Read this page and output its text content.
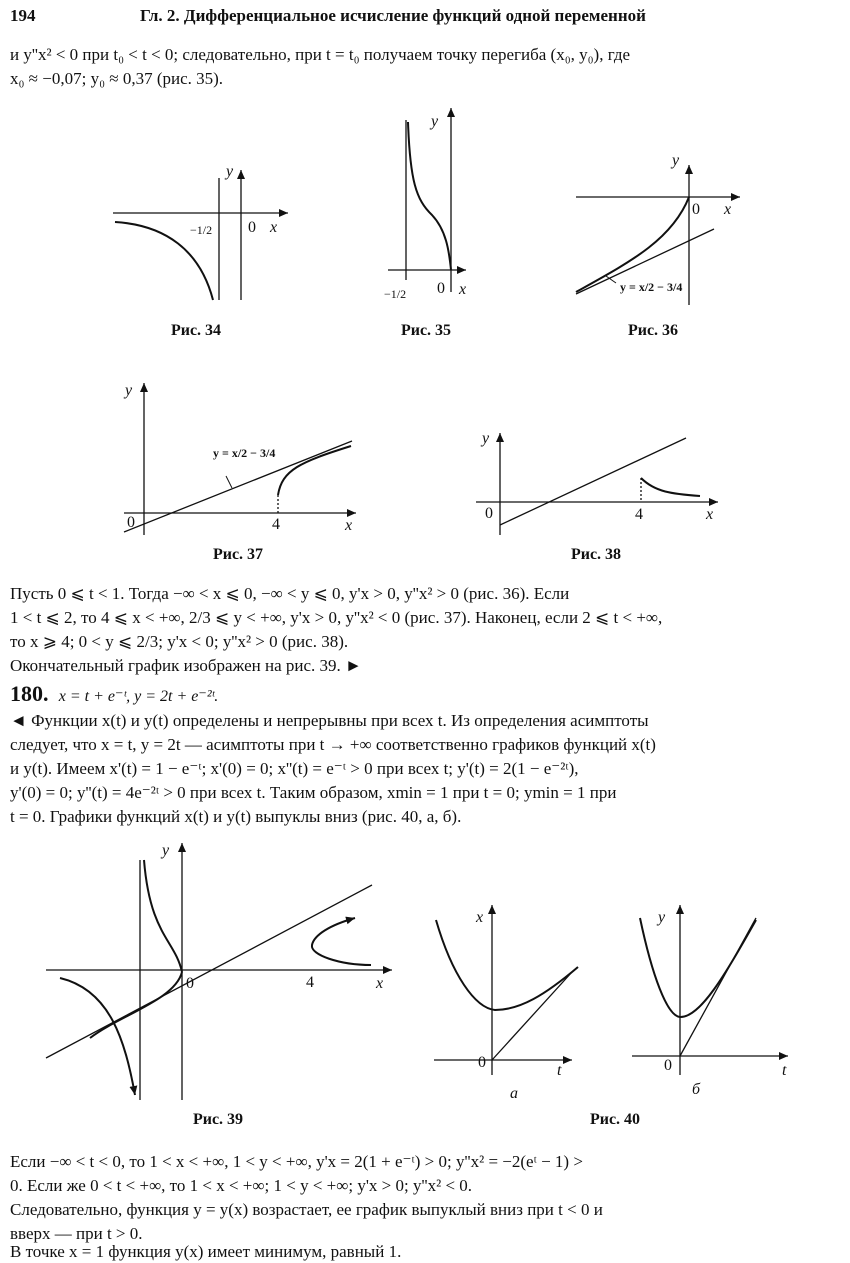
194	Гл. 2. Дифференциальное исчисление функций одной переменной
и y''x² < 0 при t₀ < t < 0; следовательно, при t = t₀ получаем точку перегиба (x₀, y₀), где
x₀ ≈ −0,07; y₀ ≈ 0,37 (рис. 35).
y
x
0
−1/2
y
x
0
−1/2
y
x
0
y = x/2 − 3/4
y
x
0	4
y = x/2 − 3/4
y
x
0	4
y
x
0	4
x
t
0
а
y
t
0
б
Рис. 34	Рис. 35	Рис. 36
Рис. 37	Рис. 38
Рис. 39	Рис. 40
Пусть 0 ⩽ t < 1. Тогда −∞ < x ⩽ 0, −∞ < y ⩽ 0, y'x > 0, y''x² > 0 (рис. 36). Если
1 < t ⩽ 2, то 4 ⩽ x < +∞, 2/3 ⩽ y < +∞, y'x > 0, y''x² < 0 (рис. 37). Наконец, если 2 ⩽ t < +∞,
то x ⩾ 4; 0 < y ⩽ 2/3; y'x < 0; y''x² > 0 (рис. 38).
Окончательный график изображен на рис. 39. ►
180. x = t + e⁻ᵗ, y = 2t + e⁻²ᵗ.
◄ Функции x(t) и y(t) определены и непрерывны при всех t. Из определения асимптоты
следует, что x = t, y = 2t — асимптоты при t → +∞ соответственно графиков функций x(t)
и y(t). Имеем x'(t) = 1 − e⁻ᵗ; x'(0) = 0; x''(t) = e⁻ᵗ > 0 при всех t; y'(t) = 2(1 − e⁻²ᵗ),
y'(0) = 0; y''(t) = 4e⁻²ᵗ > 0 при всех t. Таким образом, xmin = 1 при t = 0; ymin = 1 при
t = 0. Графики функций x(t) и y(t) выпуклы вниз (рис. 40, а, б).
Если −∞ < t < 0, то 1 < x < +∞, 1 < y < +∞, y'x = 2(1 + e⁻ᵗ) > 0; y''x² = −2(eᵗ − 1) >
0. Если же 0 < t < +∞, то 1 < x < +∞; 1 < y < +∞; y'x > 0; y''x² < 0.
Следовательно, функция y = y(x) возрастает, ее график выпуклый вниз при t < 0 и
вверх — при t > 0.
В точке x = 1 функция y(x) имеет минимум, равный 1.
